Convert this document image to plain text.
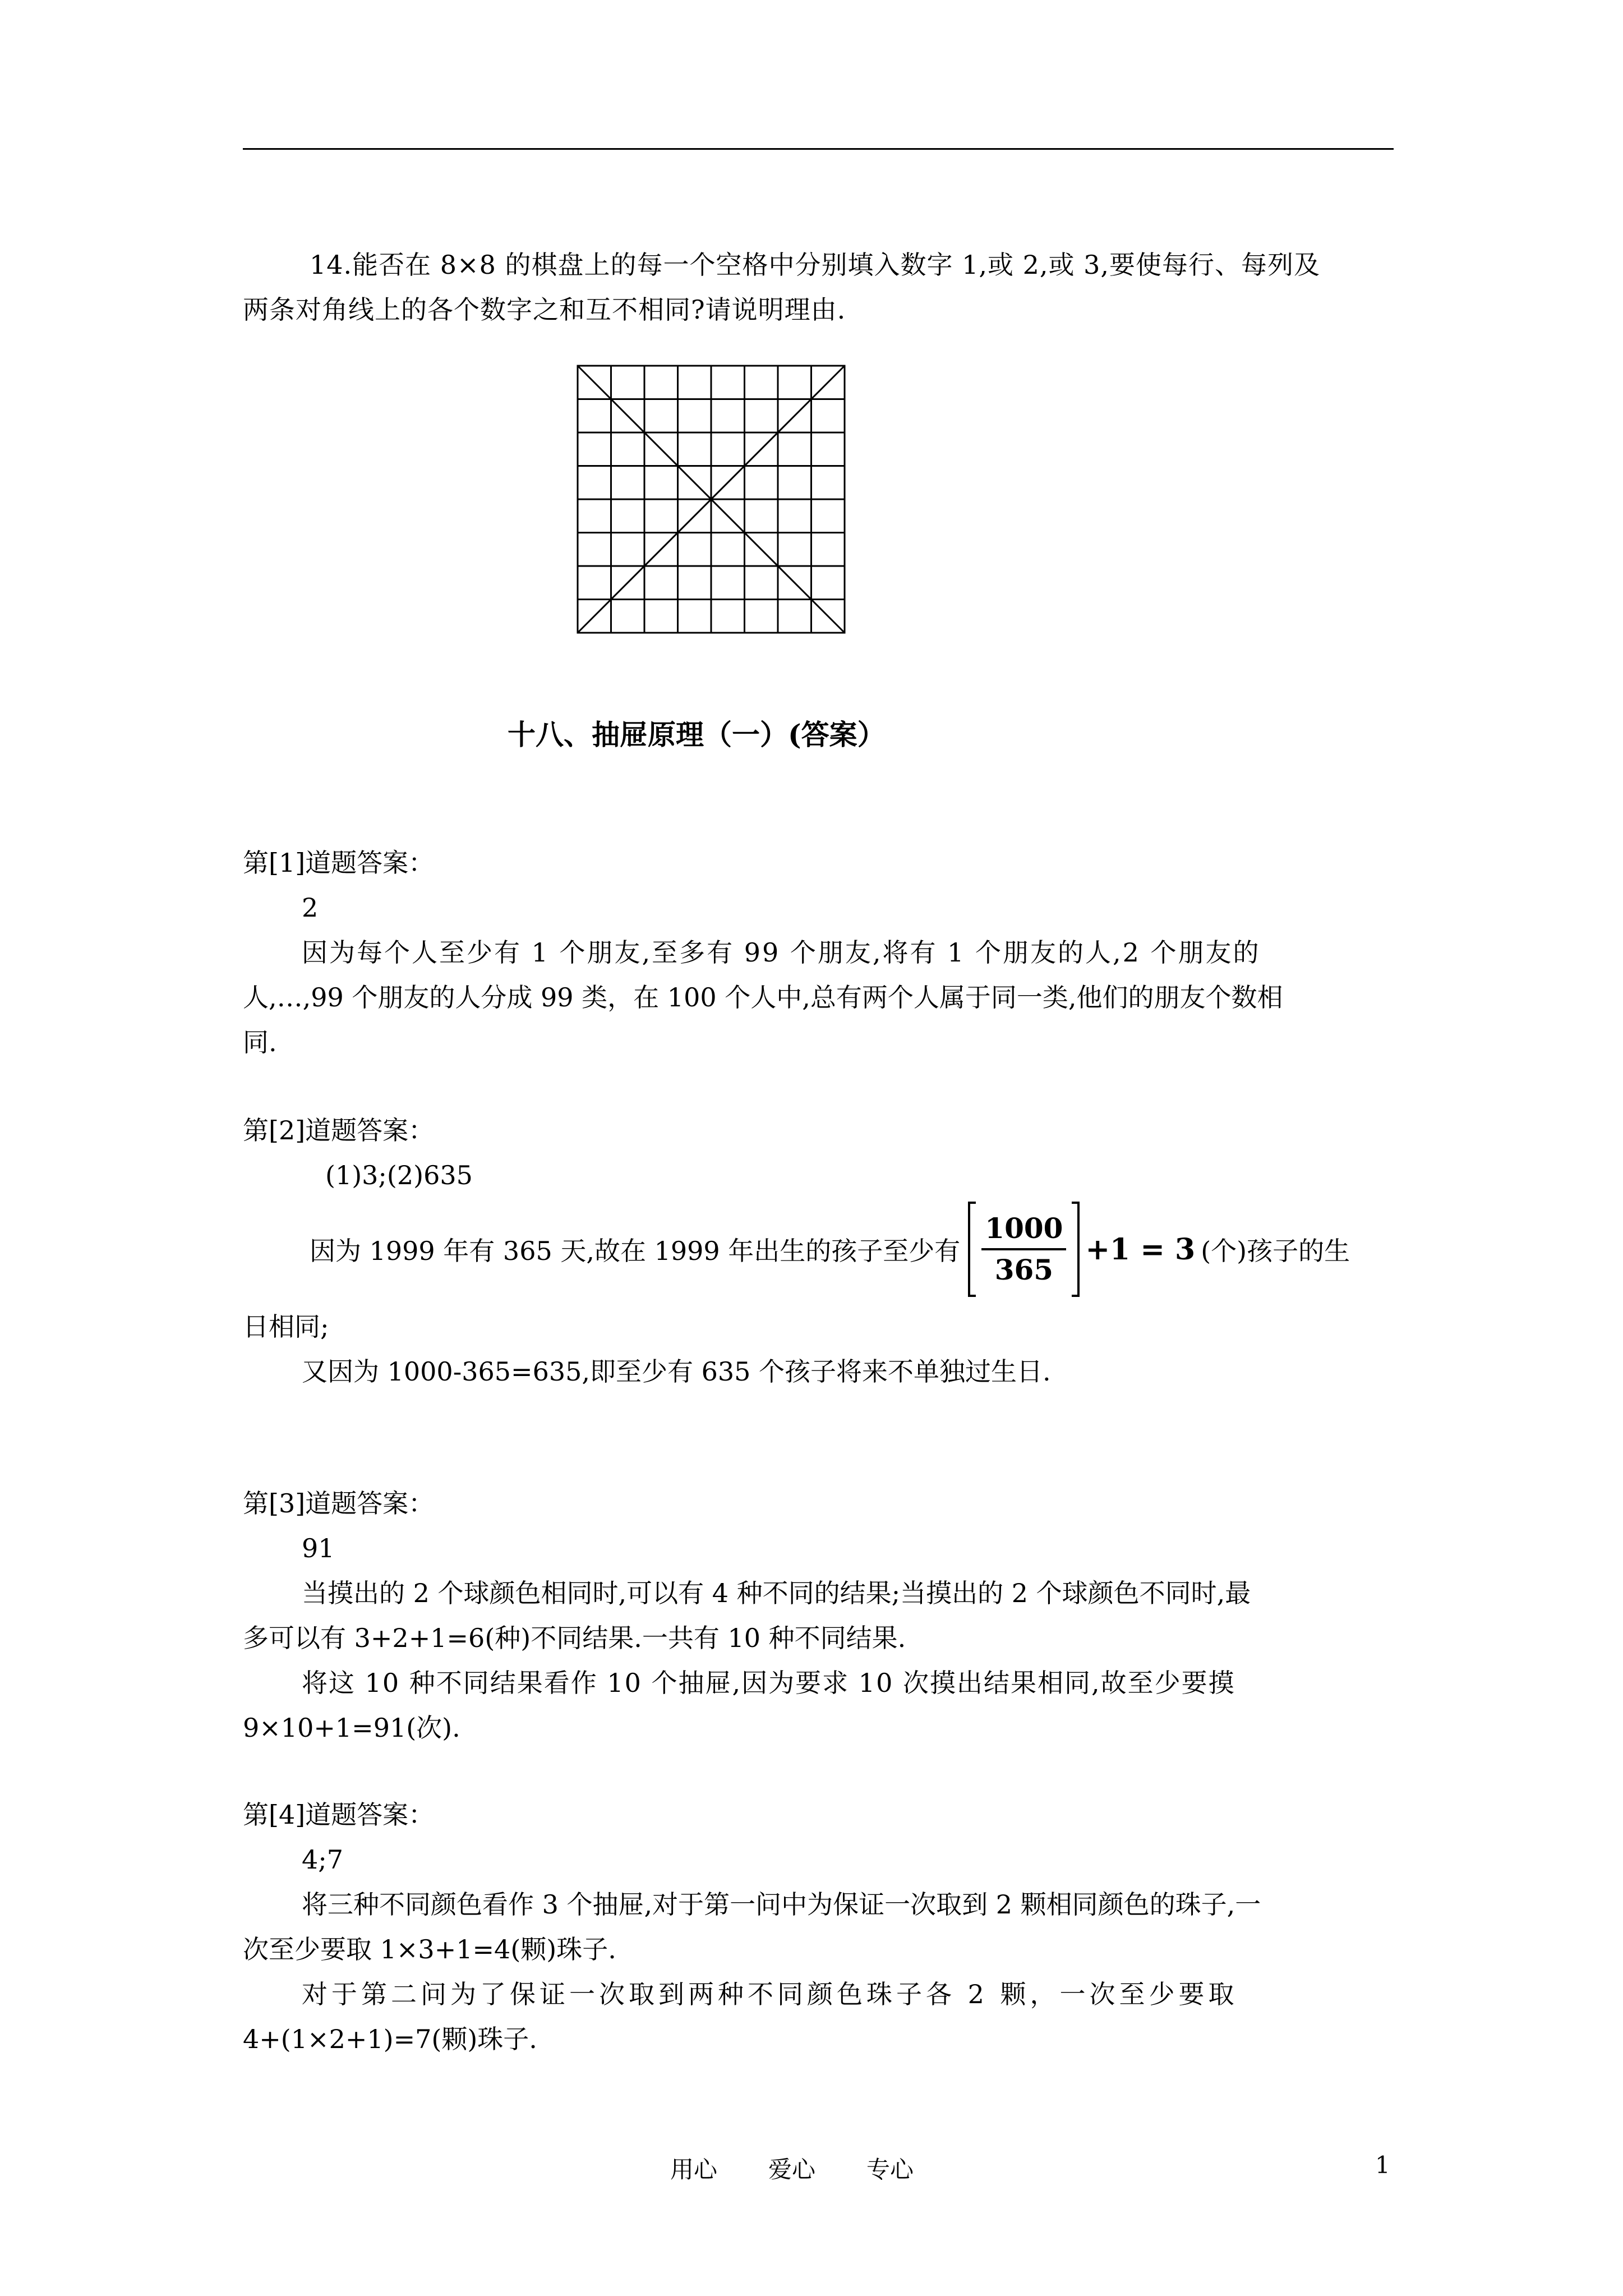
14.能否在 8×8 的棋盘上的每一个空格中分别填入数字 1,或 2,或 3,要使每行、每列及

两条对角线上的各个数字之和互不相同?请说明理由.

十八、抽屉原理（一）(答案）

第[1]道题答案：

2

因为每个人至少有 1 个朋友,至多有 99 个朋友,将有 1 个朋友的人,2 个朋友的

人,…,99 个朋友的人分成 99 类，在 100 个人中,总有两个人属于同一类,他们的朋友个数相

同.

第[2]道题答案：

(1)3;(2)635

因为 1999 年有 365 天,故在 1999 年出生的孩子至少有 $\frac{1000}{365} +1 = 3$ (个)孩子的生

日相同;

又因为 1000-365=635,即至少有 635 个孩子将来不单独过生日.

第[3]道题答案：

91

当摸出的 2 个球颜色相同时,可以有 4 种不同的结果;当摸出的 2 个球颜色不同时,最

多可以有 3+2+1=6(种)不同结果.一共有 10 种不同结果.

将这 10 种不同结果看作 10 个抽屉,因为要求 10 次摸出结果相同,故至少要摸

9×10+1=91(次).

第[4]道题答案：

4;7

将三种不同颜色看作 3 个抽屉,对于第一问中为保证一次取到 2 颗相同颜色的珠子,一

次至少要取 1×3+1=4(颗)珠子.

对于第二问为了保证一次取到两种不同颜色珠子各 2 颗，一次至少要取

4+(1×2+1)=7(颗)珠子.

用心 爱心 专心	1
